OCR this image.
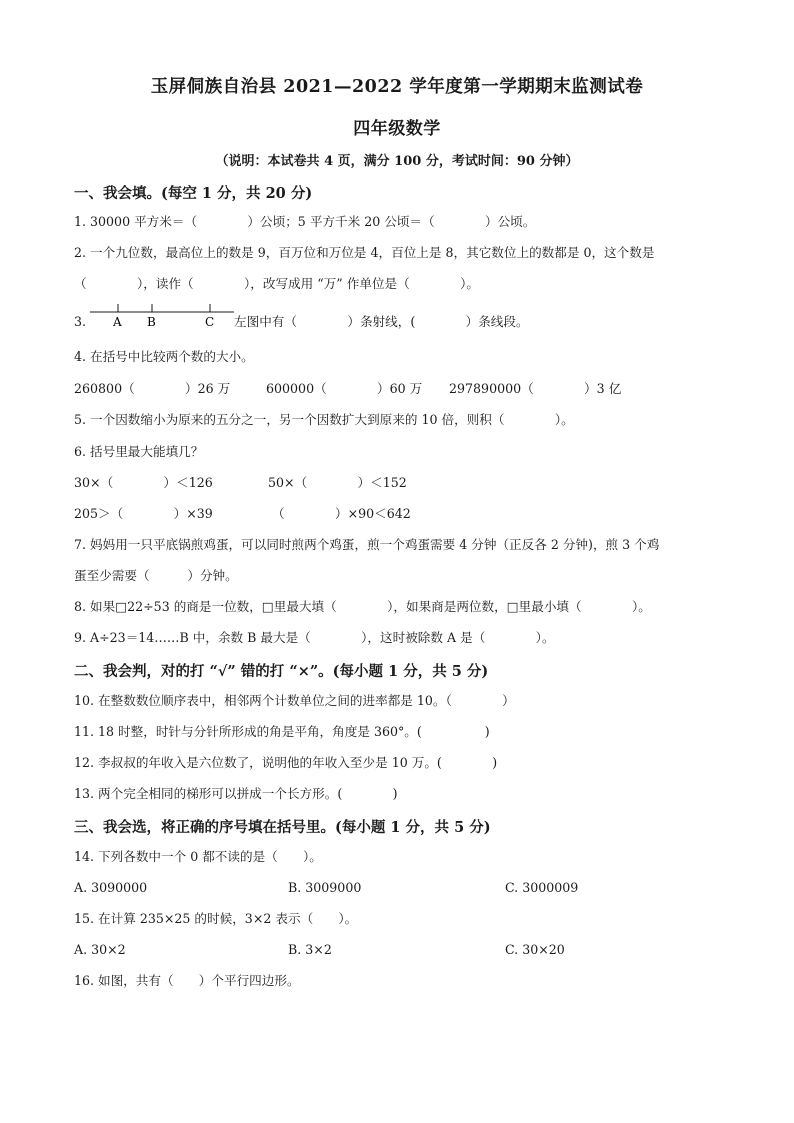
玉屏侗族自治县 2021—2022 学年度第一学期期末监测试卷
四年级数学
（说明：本试卷共 4 页，满分 100 分，考试时间：90 分钟）
一、我会填。(每空 1 分，共 20 分)
1. 30000 平方米＝（　　　　）公顷；5 平方千米 20 公顷＝（　　　　）公顷。
2. 一个九位数，最高位上的数是 9，百万位和万位是 4，百位上是 8，其它数位上的数都是 0，这个数是
（　　　　），读作（　　　　），改写成用 “万” 作单位是（　　　　）。
3. A B	C 左图中有（　　　　）条射线，(　　　　）条线段。
4. 在括号中比较两个数的大小。
260800（　　　　）26 万	600000（　　　　）60 万 297890000（　　　　）3 亿
5. 一个因数缩小为原来的五分之一，另一个因数扩大到原来的 10 倍，则积（　　　　）。
6. 括号里最大能填几？
30×（　　　　）＜126	50×（　　　　）＜152
205＞（　　　　）×39	（　　　　）×90＜642
7. 妈妈用一只平底锅煎鸡蛋，可以同时煎两个鸡蛋，煎一个鸡蛋需要 4 分钟（正反各 2 分钟)，煎 3 个鸡
蛋至少需要（　　　）分钟。
8. 如果□22÷53 的商是一位数，□里最大填（　　　　），如果商是两位数，□里最小填（　　　　）。
9. A÷23＝14……B 中，余数 B 最大是（　　　　），这时被除数 A 是（　　　　）。
二、我会判，对的打 “√” 错的打 “×”。(每小题 1 分，共 5 分)
10. 在整数数位顺序表中，相邻两个计数单位之间的进率都是 10。（　　　　）
11. 18 时整，时针与分针所形成的角是平角，角度是 360°。(　　　　　)
12. 李叔叔的年收入是六位数了，说明他的年收入至少是 10 万。(　　　　)
13. 两个完全相同的梯形可以拼成一个长方形。(　　　　)
三、我会选，将正确的序号填在括号里。(每小题 1 分，共 5 分)
14. 下列各数中一个 0 都不读的是（　　）。
A. 3090000	B. 3009000	C. 3000009
15. 在计算 235×25 的时候，3×2 表示（　　）。
A. 30×2	B. 3×2	C. 30×20
16. 如图，共有（　　）个平行四边形。
